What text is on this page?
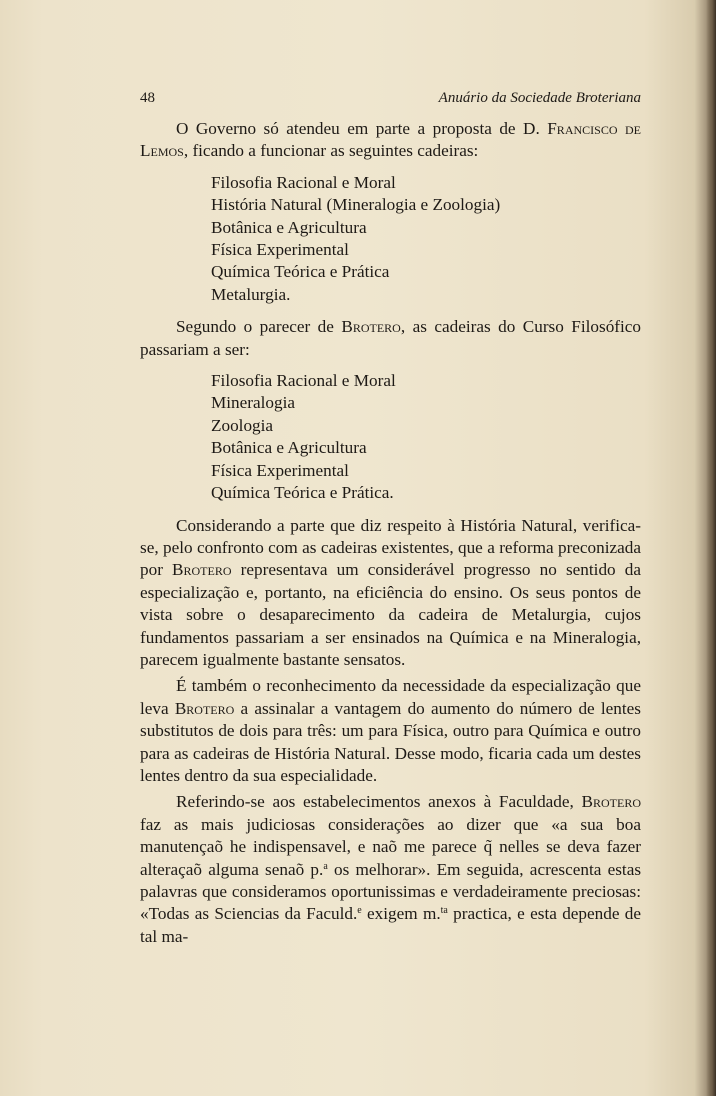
48	Anuário da Sociedade Broteriana

O Governo só atendeu em parte a proposta de D. Francisco de Lemos, ficando a funcionar as seguintes cadeiras:

Filosofia Racional e Moral
História Natural (Mineralogia e Zoologia)
Botânica e Agricultura
Física Experimental
Química Teórica e Prática
Metalurgia.

Segundo o parecer de Brotero, as cadeiras do Curso Filosófico passariam a ser:

Filosofia Racional e Moral
Mineralogia
Zoologia
Botânica e Agricultura
Física Experimental
Química Teórica e Prática.

Considerando a parte que diz respeito à História Natural, verifica-se, pelo confronto com as cadeiras existentes, que a reforma preconizada por Brotero representava um considerável progresso no sentido da especialização e, portanto, na eficiência do ensino. Os seus pontos de vista sobre o desaparecimento da cadeira de Metalurgia, cujos fundamentos passariam a ser ensinados na Química e na Mineralogia, parecem igualmente bastante sensatos.

É também o reconhecimento da necessidade da especialização que leva Brotero a assinalar a vantagem do aumento do número de lentes substitutos de dois para três: um para Física, outro para Química e outro para as cadeiras de História Natural. Desse modo, ficaria cada um destes lentes dentro da sua especialidade.

Referindo-se aos estabelecimentos anexos à Faculdade, Brotero faz as mais judiciosas considerações ao dizer que «a sua boa manutençaõ he indispensavel, e naõ me parece q̃ nelles se deva fazer alteraçaõ alguma senaõ p.$^a$ os melhorar». Em seguida, acrescenta estas palavras que consideramos oportunissimas e verdadeiramente preciosas: «Todas as Sciencias da Faculd.$^e$ exigem m.$^{ta}$ practica, e esta depende de tal ma-
